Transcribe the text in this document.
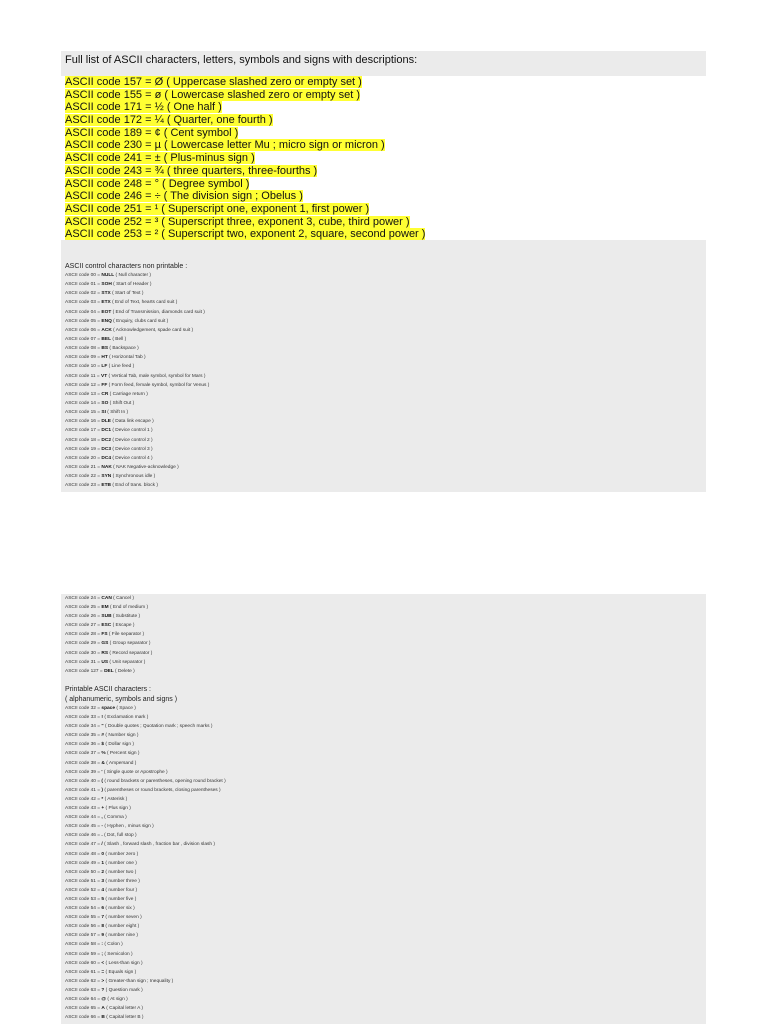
Full list of ASCII characters, letters, symbols and signs with descriptions:
ASCII code 157 = Ø ( Uppercase slashed zero or empty set )
ASCII code 155 = ø ( Lowercase slashed zero or empty set )
ASCII code 171 = ½ ( One half )
ASCII code 172 = ¼ ( Quarter, one fourth )
ASCII code 189 = ¢ ( Cent symbol )
ASCII code 230 = µ ( Lowercase letter Mu ; micro sign or micron )
ASCII code 241 = ± ( Plus-minus sign )
ASCII code 243 = ¾ ( three quarters, three-fourths )
ASCII code 248 = ° ( Degree symbol )
ASCII code 246 = ÷ ( The division sign ; Obelus )
ASCII code 251 = ¹ ( Superscript one, exponent 1, first power )
ASCII code 252 = ³ ( Superscript three, exponent 3, cube, third power )
ASCII code 253 = ² ( Superscript two, exponent 2, square, second power )
ASCII control characters non printable :
ASCII code 00 = NULL ( Null character )
ASCII code 01 = SOH ( Start of Header )
ASCII code 02 = STX ( Start of Text )
ASCII code 03 = ETX ( End of Text, hearts card suit )
ASCII code 04 = EOT ( End of Transmission, diamonds card suit )
ASCII code 05 = ENQ ( Enquiry, clubs card suit )
ASCII code 06 = ACK ( Acknowledgement, spade card suit )
ASCII code 07 = BEL ( Bell )
ASCII code 08 = BS ( Backspace )
ASCII code 09 = HT ( Horizontal Tab )
ASCII code 10 = LF ( Line feed )
ASCII code 11 = VT ( Vertical Tab, male symbol, symbol for Mars )
ASCII code 12 = FF ( Form feed, female symbol, symbol for Venus )
ASCII code 13 = CR ( Carriage return )
ASCII code 14 = SO ( Shift Out )
ASCII code 15 = SI ( Shift In )
ASCII code 16 = DLE ( Data link escape )
ASCII code 17 = DC1 ( Device control 1 )
ASCII code 18 = DC2 ( Device control 2 )
ASCII code 19 = DC3 ( Device control 3 )
ASCII code 20 = DC4 ( Device control 4 )
ASCII code 21 = NAK ( NAK Negative-acknowledge )
ASCII code 22 = SYN ( Synchronous idle )
ASCII code 23 = ETB ( End of trans. block )
ASCII code 24 = CAN ( Cancel )
ASCII code 25 = EM ( End of medium )
ASCII code 26 = SUB ( Substitute )
ASCII code 27 = ESC ( Escape )
ASCII code 28 = FS ( File separator )
ASCII code 29 = GS ( Group separator )
ASCII code 30 = RS ( Record separator )
ASCII code 31 = US ( Unit separator )
ASCII code 127 = DEL ( Delete )
Printable ASCII characters :
( alphanumeric, symbols and signs )
ASCII code 32 = space ( Space )
ASCII code 33 = ! ( Exclamation mark )
ASCII code 34 = " ( Double quotes ; Quotation mark ; speech marks )
ASCII code 35 = # ( Number sign )
ASCII code 36 = $ ( Dollar sign )
ASCII code 37 = % ( Percent sign )
ASCII code 38 = & ( Ampersand )
ASCII code 39 = ' ( Single quote or Apostrophe )
ASCII code 40 = ( ( round brackets or parentheses, opening round bracket )
ASCII code 41 = ) ( parentheses or round brackets, closing parentheses )
ASCII code 42 = * ( Asterisk )
ASCII code 43 = + ( Plus sign )
ASCII code 44 = , ( Comma )
ASCII code 45 = - ( Hyphen , minus sign )
ASCII code 46 = . ( Dot, full stop )
ASCII code 47 = / ( Slash , forward slash , fraction bar , division slash )
ASCII code 48 = 0 ( number zero )
ASCII code 49 = 1 ( number one )
ASCII code 50 = 2 ( number two )
ASCII code 51 = 3 ( number three )
ASCII code 52 = 4 ( number four )
ASCII code 53 = 5 ( number five )
ASCII code 54 = 6 ( number six )
ASCII code 55 = 7 ( number seven )
ASCII code 56 = 8 ( number eight )
ASCII code 57 = 9 ( number nine )
ASCII code 58 = : ( Colon )
ASCII code 59 = ; ( Semicolon )
ASCII code 60 = < ( Less-than sign )
ASCII code 61 = = ( Equals sign )
ASCII code 62 = > ( Greater-than sign ; Inequality )
ASCII code 63 = ? ( Question mark )
ASCII code 64 = @ ( At sign )
ASCII code 65 = A ( Capital letter A )
ASCII code 66 = B ( Capital letter B )
